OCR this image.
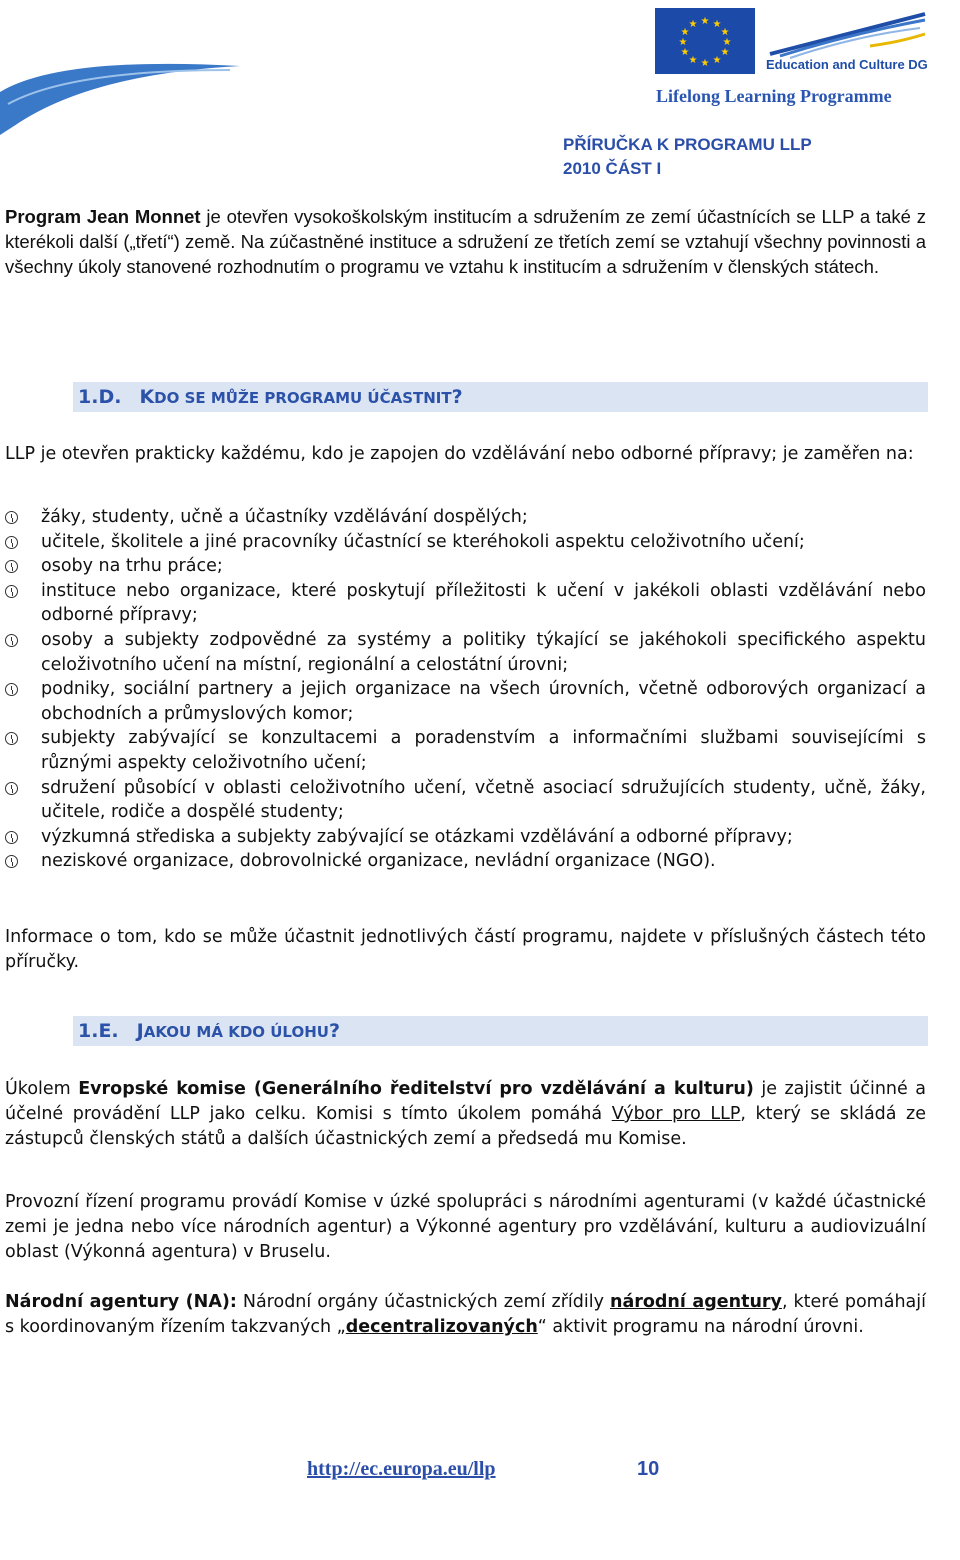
★ ★
★
★
★
★
★
★
★
★
★
★
Education and Culture DG
Lifelong Learning Programme
PŘÍRUČKA K PROGRAMU LLP
2010 ČÁST I
Program Jean Monnet je otevřen vysokoškolským institucím a sdružením ze zemí účastnících se LLP a také z kterékoli další („třetí“) země. Na zúčastněné instituce a sdružení ze třetích zemí se vztahují všechny povinnosti a všechny úkoly stanovené rozhodnutím o programu ve vztahu k institucím a sdružením v členských státech.
1.D. KDO SE MŮŽE PROGRAMU ÚČASTNIT?
LLP je otevřen prakticky každému, kdo je zapojen do vzdělávání nebo odborné přípravy; je zaměřen na:
žáky, studenty, učně a účastníky vzdělávání dospělých;
učitele, školitele a jiné pracovníky účastnící se kteréhokoli aspektu celoživotního učení;
osoby na trhu práce;
instituce nebo organizace, které poskytují příležitosti k učení v jakékoli oblasti vzdělávání nebo odborné přípravy;
osoby a subjekty zodpovědné za systémy a politiky týkající se jakéhokoli specifického aspektu celoživotního učení na místní, regionální a celostátní úrovni;
podniky, sociální partnery a jejich organizace na všech úrovních, včetně odborových organizací a obchodních a průmyslových komor;
subjekty zabývající se konzultacemi a poradenstvím a informačními službami souvisejícími s různými aspekty celoživotního učení;
sdružení působící v oblasti celoživotního učení, včetně asociací sdružujících studenty, učně, žáky, učitele, rodiče a dospělé studenty;
výzkumná střediska a subjekty zabývající se otázkami vzdělávání a odborné přípravy;
neziskové organizace, dobrovolnické organizace, nevládní organizace (NGO).
Informace o tom, kdo se může účastnit jednotlivých částí programu, najdete v příslušných částech této příručky.
1.E. JAKOU MÁ KDO ÚLOHU?
Úkolem Evropské komise (Generálního ředitelství pro vzdělávání a kulturu) je zajistit účinné a účelné provádění LLP jako celku. Komisi s tímto úkolem pomáhá Výbor pro LLP, který se skládá ze zástupců členských států a dalších účastnických zemí a předsedá mu Komise.
Provozní řízení programu provádí Komise v úzké spolupráci s národními agenturami (v každé účastnické zemi je jedna nebo více národních agentur) a Výkonné agentury pro vzdělávání, kulturu a audiovizuální oblast (Výkonná agentura) v Bruselu.
Národní agentury (NA): Národní orgány účastnických zemí zřídily národní agentury, které pomáhají s koordinovaným řízením takzvaných „decentralizovaných“ aktivit programu na národní úrovni.
http://ec.europa.eu/llp	10
